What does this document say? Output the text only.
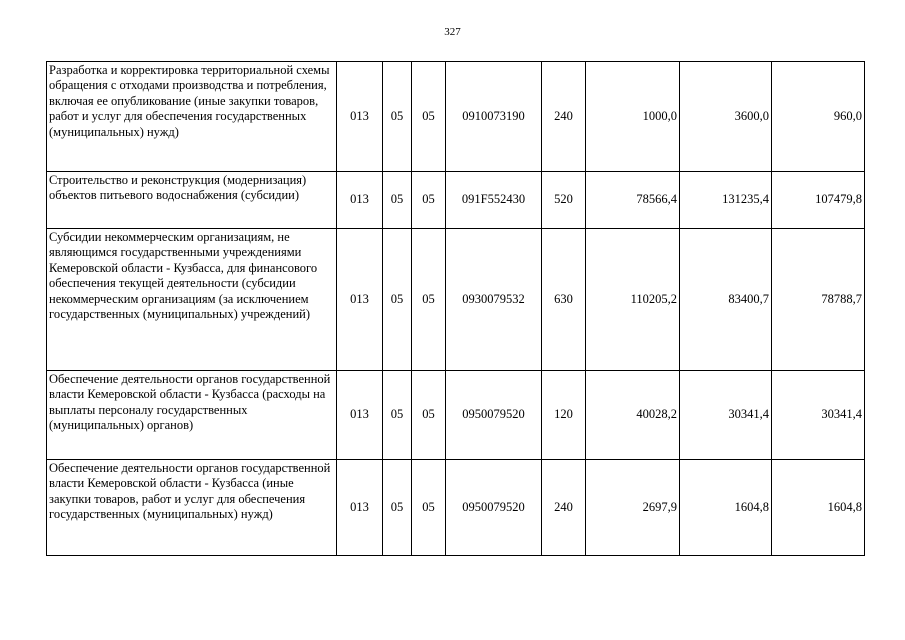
327
Разработка и корректировка территориальной схемы обращения с отходами производства и потребления, включая ее опубликование (иные закупки товаров, работ и услуг для обеспечения государственных (муниципальных) нужд)	013	05	05	0910073190	240	1000,0	3600,0	960,0
Строительство и реконструкция (модернизация) объектов питьевого водоснабжения (субсидии)	013	05	05	091F552430	520	78566,4	131235,4	107479,8
Субсидии некоммерческим организациям, не являющимся государственными учреждениями Кемеровской области - Кузбасса, для финансового обеспечения текущей деятельности (субсидии некоммерческим организациям (за исключением государственных (муниципальных) учреждений)	013	05	05	0930079532	630	110205,2	83400,7	78788,7
Обеспечение деятельности органов государственной власти Кемеровской области - Кузбасса (расходы на выплаты персоналу государственных (муниципальных) органов)	013	05	05	0950079520	120	40028,2	30341,4	30341,4
Обеспечение деятельности органов государственной власти Кемеровской области - Кузбасса (иные закупки товаров, работ и услуг для обеспечения государственных (муниципальных) нужд)	013	05	05	0950079520	240	2697,9	1604,8	1604,8
